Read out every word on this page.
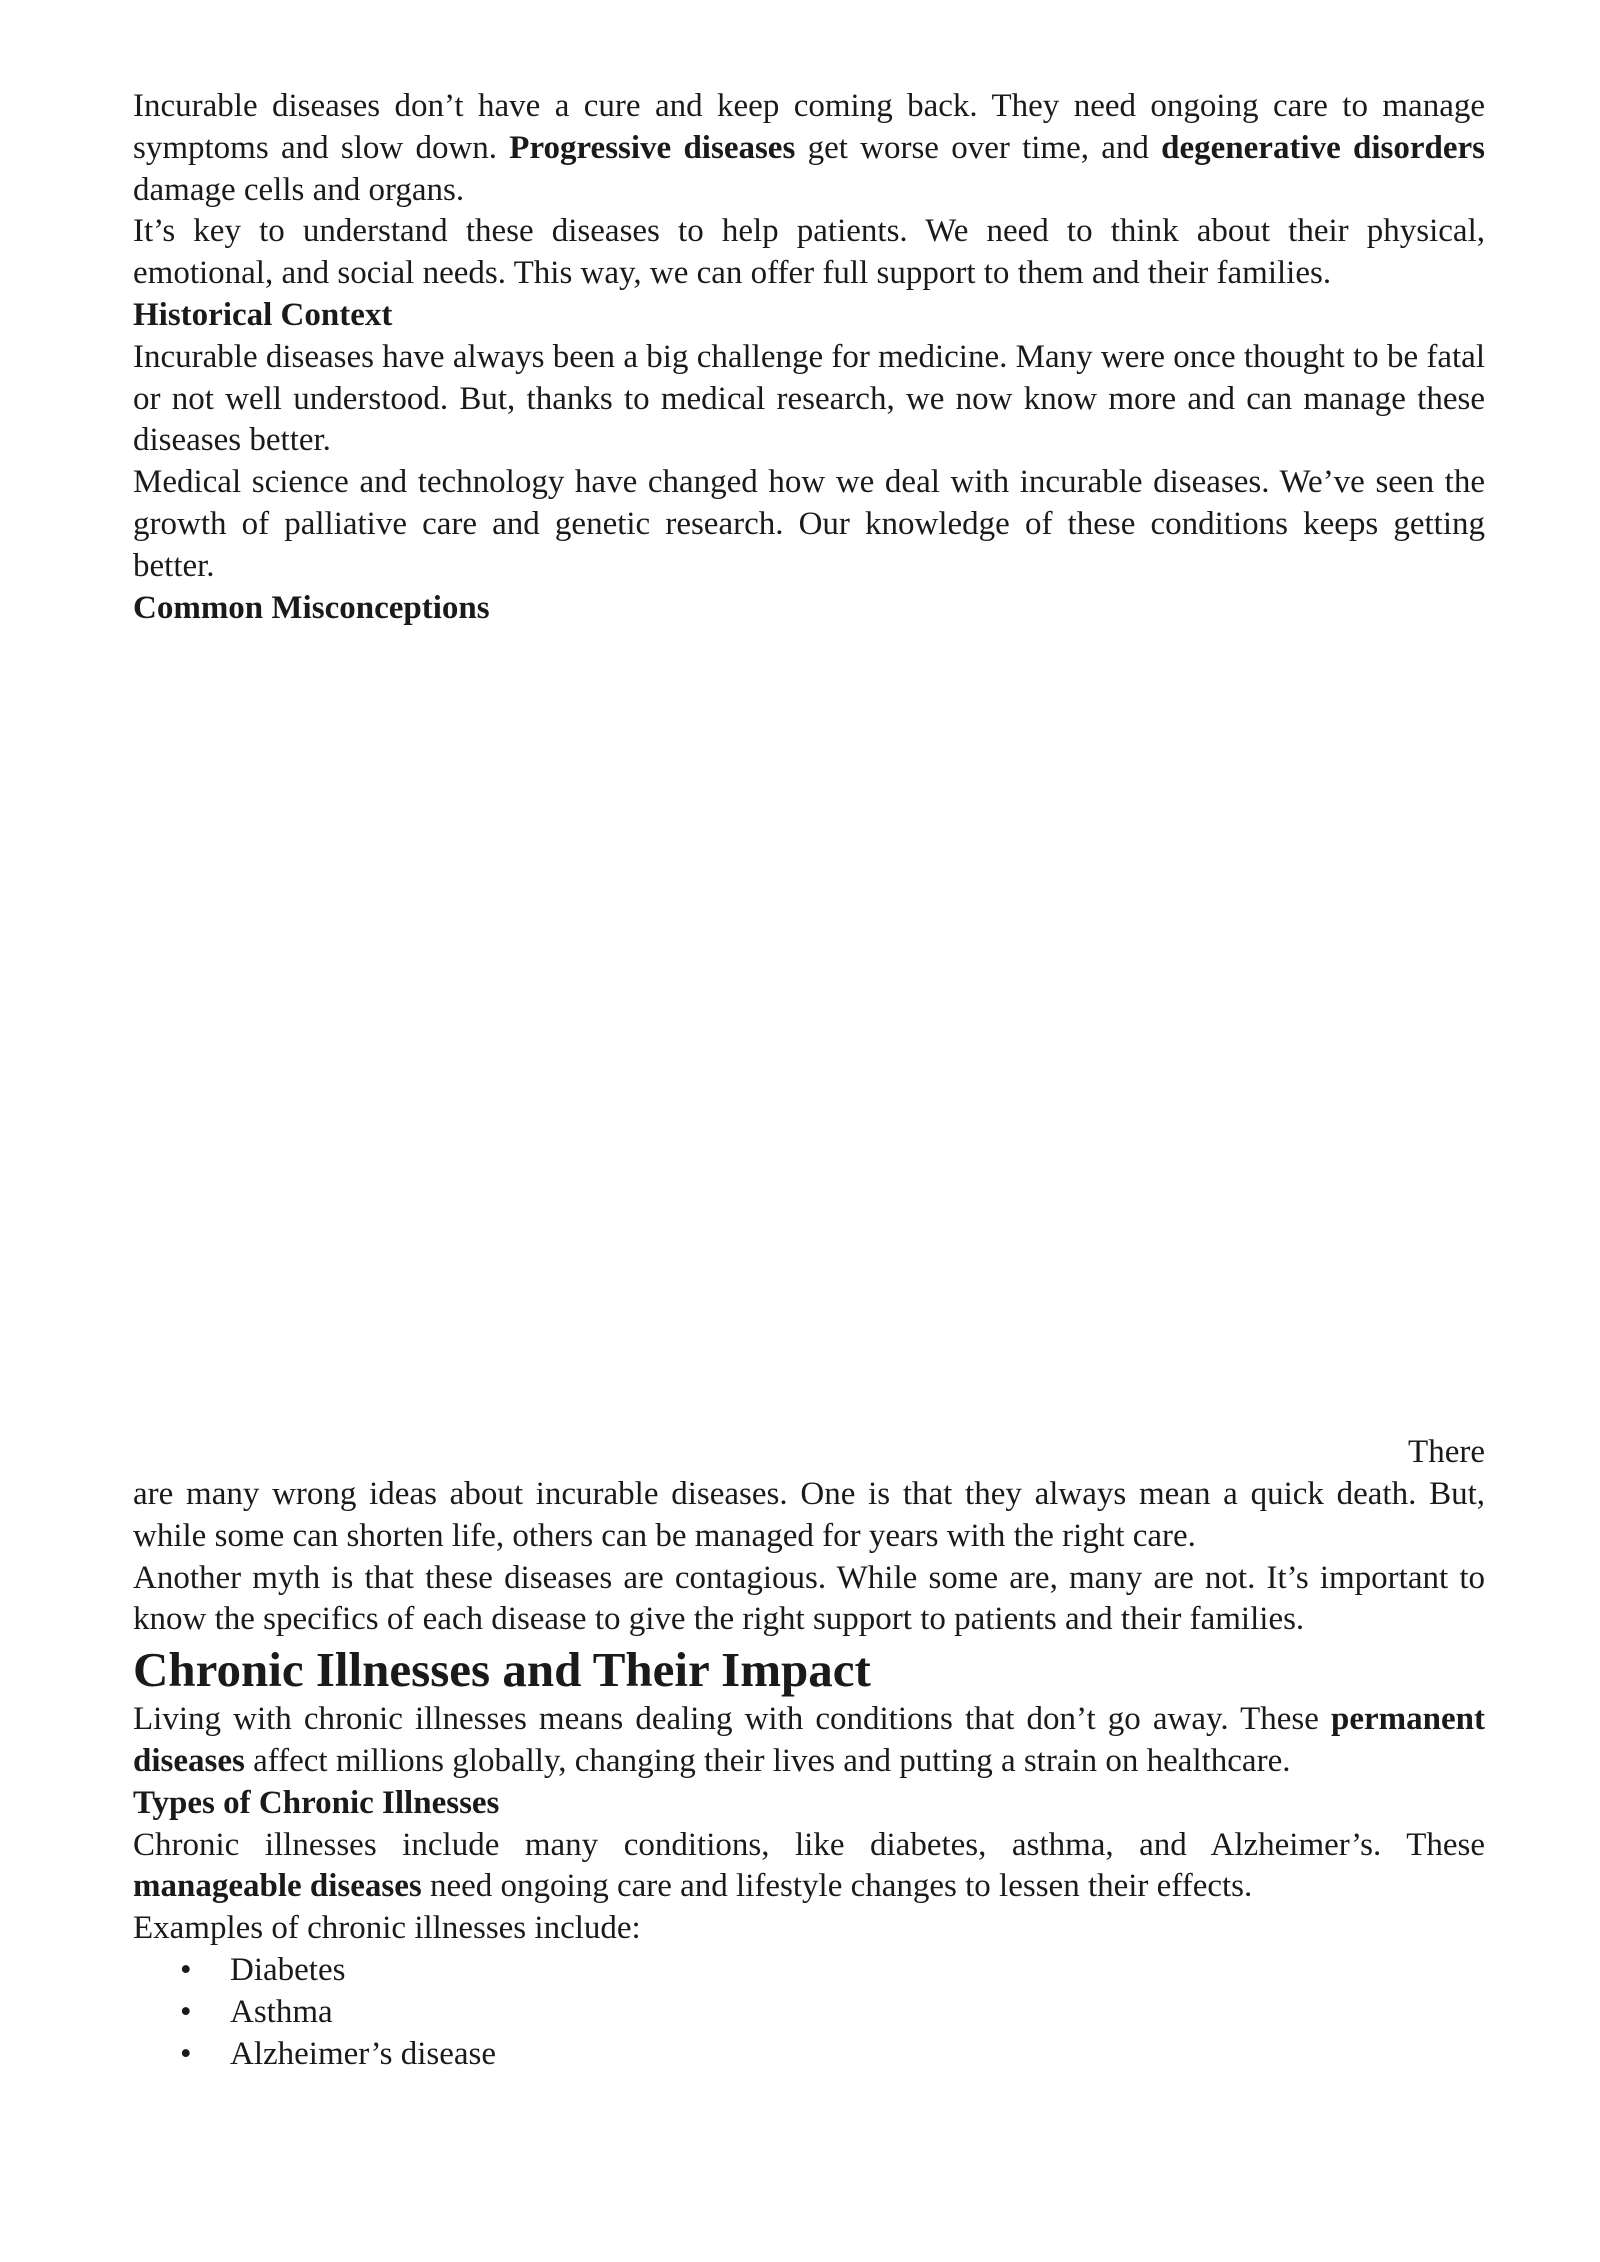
Incurable diseases don’t have a cure and keep coming back. They need ongoing care to manage symptoms and slow down. Progressive diseases get worse over time, and degenerative disorders damage cells and organs.

It’s key to understand these diseases to help patients. We need to think about their physical, emotional, and social needs. This way, we can offer full support to them and their families.

Historical Context

Incurable diseases have always been a big challenge for medicine. Many were once thought to be fatal or not well understood. But, thanks to medical research, we now know more and can manage these diseases better.

Medical science and technology have changed how we deal with incurable diseases. We’ve seen the growth of palliative care and genetic research. Our knowledge of these conditions keeps getting better.

Common Misconceptions

There

are many wrong ideas about incurable diseases. One is that they always mean a quick death. But, while some can shorten life, others can be managed for years with the right care.

Another myth is that these diseases are contagious. While some are, many are not. It’s important to know the specifics of each disease to give the right support to patients and their families.

Chronic Illnesses and Their Impact

Living with chronic illnesses means dealing with conditions that don’t go away. These permanent diseases affect millions globally, changing their lives and putting a strain on healthcare.

Types of Chronic Illnesses

Chronic illnesses include many conditions, like diabetes, asthma, and Alzheimer’s. These manageable diseases need ongoing care and lifestyle changes to lessen their effects.

Examples of chronic illnesses include:

• Diabetes
• Asthma
• Alzheimer’s disease
